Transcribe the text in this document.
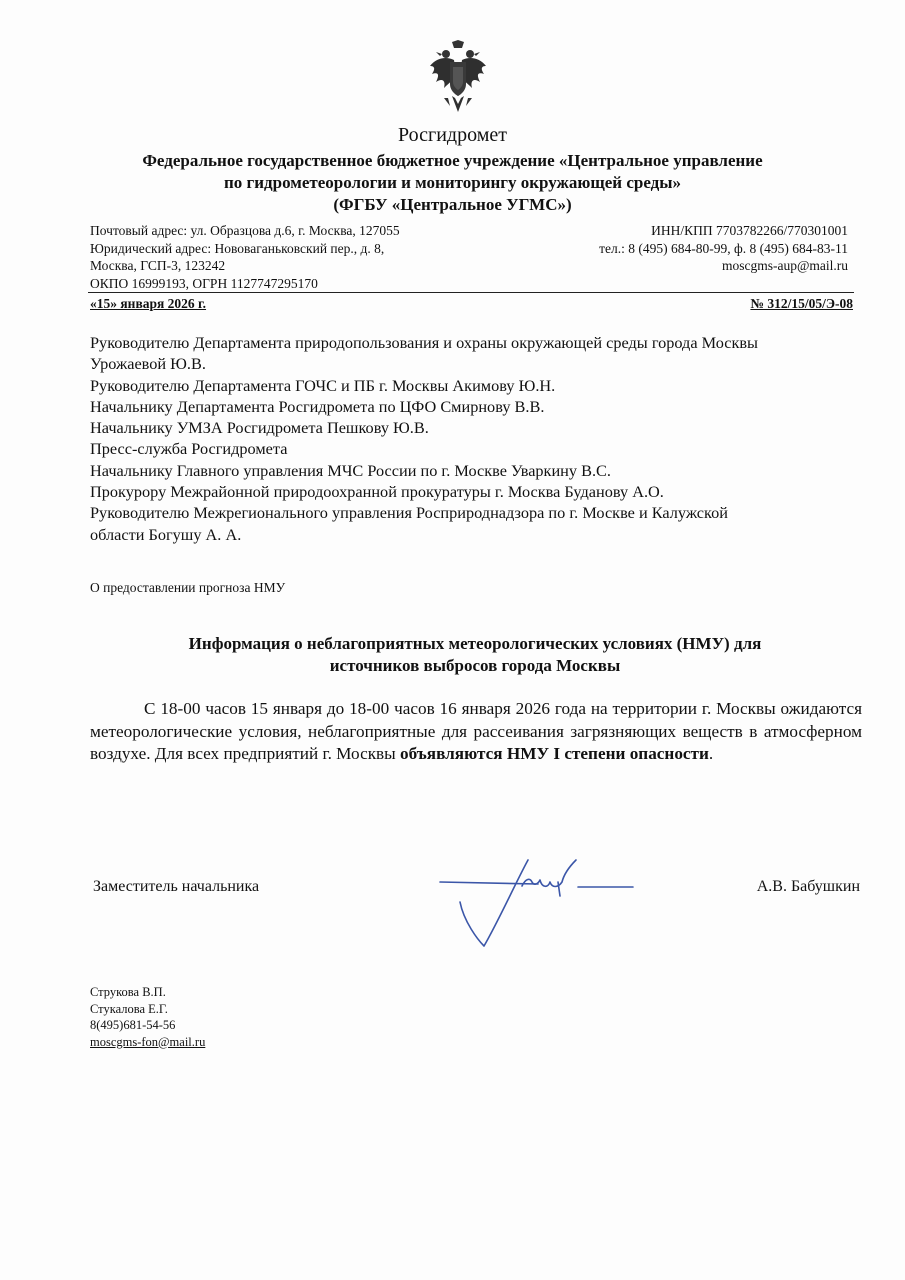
Росгидромет
Федеральное государственное бюджетное учреждение «Центральное управление
по гидрометеорологии и мониторингу окружающей среды»
(ФГБУ «Центральное УГМС»)
Почтовый адрес: ул. Образцова д.6, г. Москва, 127055
Юридический адрес: Нововаганьковский пер., д. 8,
Москва, ГСП-3, 123242
ОКПО 16999193, ОГРН 1127747295170
ИНН/КПП 7703782266/770301001
тел.: 8 (495) 684-80-99, ф. 8 (495) 684-83-11
moscgms-aup@mail.ru
«15» января 2026 г.	№ 312/15/05/Э-08
Руководителю Департамента природопользования и охраны окружающей среды города Москвы
Урожаевой Ю.В.
Руководителю Департамента ГОЧС и ПБ г. Москвы Акимову Ю.Н.
Начальнику Департамента Росгидромета по ЦФО Смирнову В.В.
Начальнику УМЗА Росгидромета Пешкову Ю.В.
Пресс-служба Росгидромета
Начальнику Главного управления МЧС России по г. Москве Уваркину В.С.
Прокурору Межрайонной природоохранной прокуратуры г. Москва Буданову А.О.
Руководителю Межрегионального управления Росприроднадзора по г. Москве и Калужской
области Богушу А. А.
О предоставлении прогноза НМУ
Информация о неблагоприятных метеорологических условиях (НМУ) для
источников выбросов города Москвы
С 18-00 часов 15 января до 18-00 часов 16 января 2026 года на территории г. Москвы ожидаются метеорологические условия, неблагоприятные для рассеивания загрязняющих веществ в атмосферном воздухе. Для всех предприятий г. Москвы объявляются НМУ I степени опасности.
Заместитель начальника	А.В. Бабушкин
Струкова В.П.
Стукалова Е.Г.
8(495)681-54-56
moscgms-fon@mail.ru
